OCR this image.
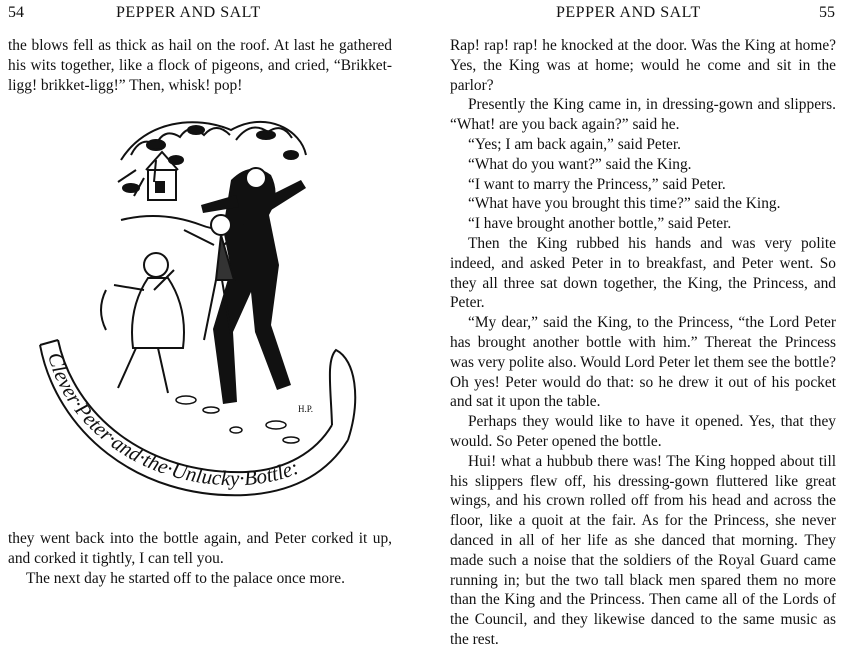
54	PEPPER AND SALT

the blows fell as thick as hail on the roof. At last he gathered his wits together, like a flock of pigeons, and cried, “Brikket-ligg! brikket-ligg!” Then, whisk! pop!

Clever·Peter·and·the·Unlucky·Bottle:
H.P.

they went back into the bottle again, and Peter corked it up, and corked it tightly, I can tell you.

The next day he started off to the palace once more.

PEPPER AND SALT	55

Rap! rap! rap! he knocked at the door. Was the King at home? Yes, the King was at home; would he come and sit in the parlor?

Presently the King came in, in dressing-gown and slippers. “What! are you back again?” said he.

“Yes; I am back again,” said Peter.

“What do you want?” said the King.

“I want to marry the Princess,” said Peter.

“What have you brought this time?” said the King.

“I have brought another bottle,” said Peter.

Then the King rubbed his hands and was very polite indeed, and asked Peter in to breakfast, and Peter went. So they all three sat down together, the King, the Princess, and Peter.

“My dear,” said the King, to the Princess, “the Lord Peter has brought another bottle with him.” Thereat the Princess was very polite also. Would Lord Peter let them see the bottle? Oh yes! Peter would do that: so he drew it out of his pocket and sat it upon the table.

Perhaps they would like to have it opened. Yes, that they would. So Peter opened the bottle.

Hui! what a hubbub there was! The King hopped about till his slippers flew off, his dressing-gown fluttered like great wings, and his crown rolled off from his head and across the floor, like a quoit at the fair. As for the Princess, she never danced in all of her life as she danced that morning. They made such a noise that the soldiers of the Royal Guard came running in; but the two tall black men spared them no more than the King and the Princess. Then came all of the Lords of the Council, and they likewise danced to the same music as the rest.
